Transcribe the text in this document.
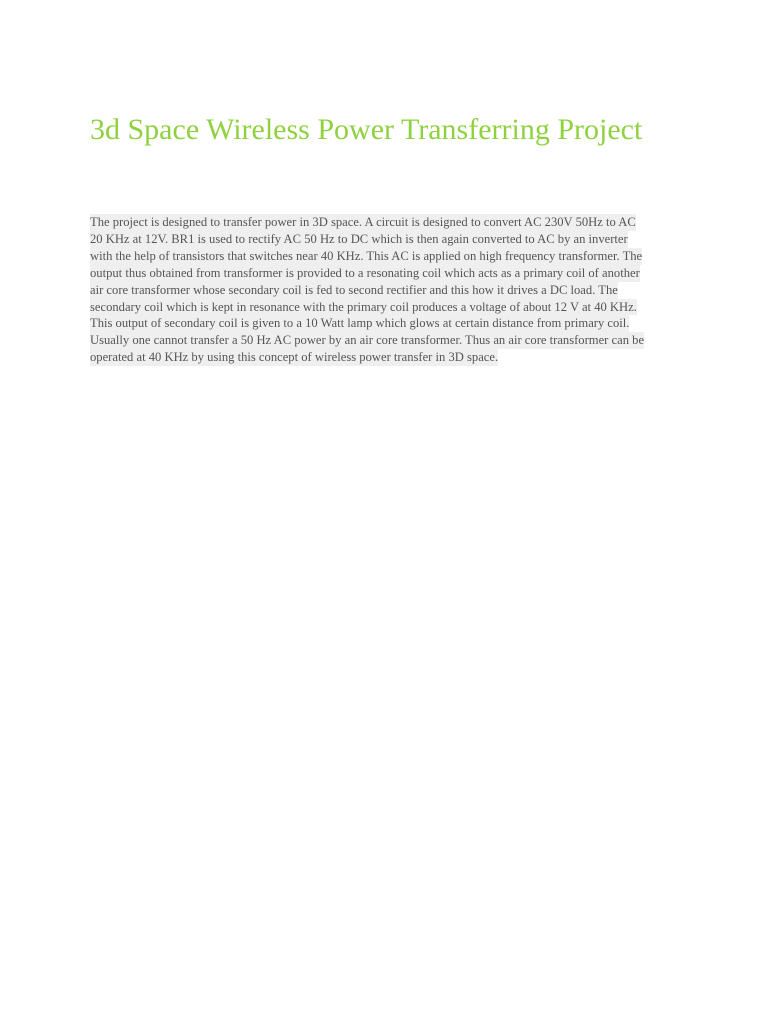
3d Space Wireless Power Transferring Project
The project is designed to transfer power in 3D space. A circuit is designed to convert AC 230V 50Hz to AC
20 KHz at 12V. BR1 is used to rectify AC 50 Hz to DC which is then again converted to AC by an inverter
with the help of transistors that switches near 40 KHz. This AC is applied on high frequency transformer. The
output thus obtained from transformer is provided to a resonating coil which acts as a primary coil of another
air core transformer whose secondary coil is fed to second rectifier and this how it drives a DC load. The
secondary coil which is kept in resonance with the primary coil produces a voltage of about 12 V at 40 KHz.
This output of secondary coil is given to a 10 Watt lamp which glows at certain distance from primary coil.
Usually one cannot transfer a 50 Hz AC power by an air core transformer. Thus an air core transformer can be
operated at 40 KHz by using this concept of wireless power transfer in 3D space.
